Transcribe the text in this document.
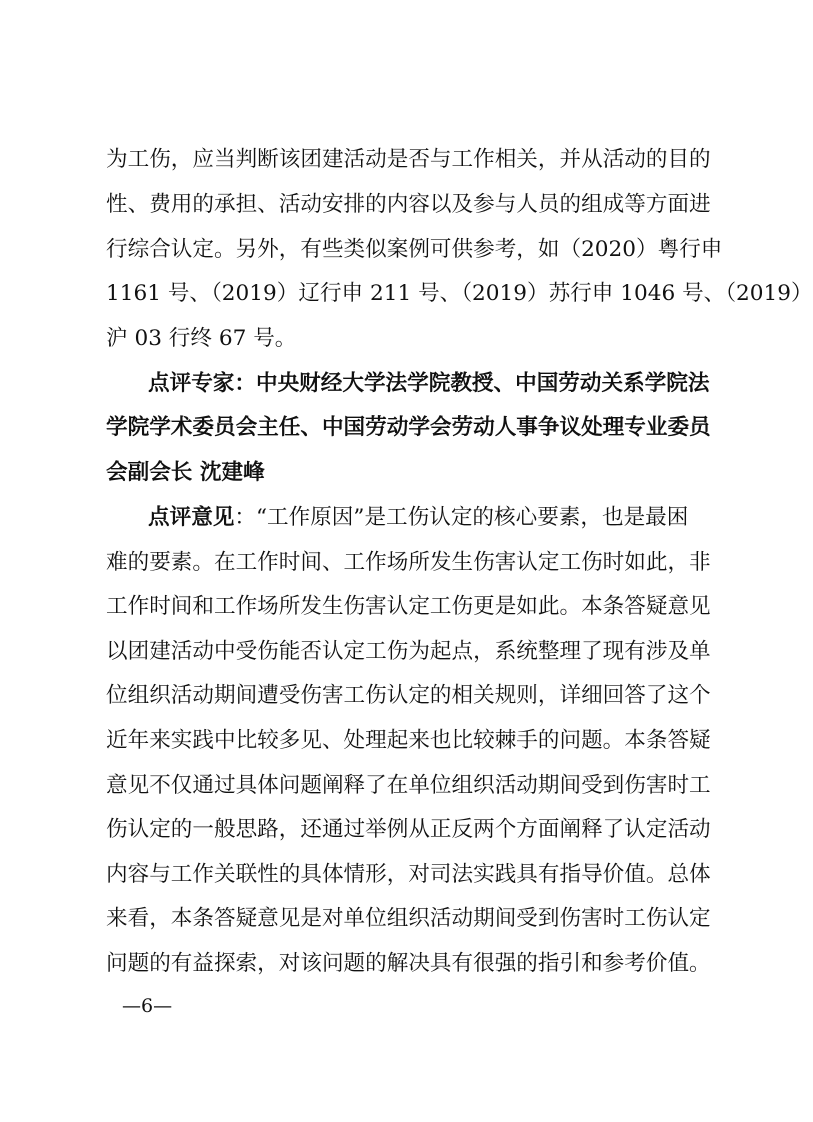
为工伤，应当判断该团建活动是否与工作相关，并从活动的目的
性、费用的承担、活动安排的内容以及参与人员的组成等方面进
行综合认定。另外，有些类似案例可供参考，如（2020）粤行申
1161 号、（2019）辽行申 211 号、（2019）苏行申 1046 号、（2019）
沪 03 行终 67 号。
点评专家：中央财经大学法学院教授、中国劳动关系学院法
学院学术委员会主任、中国劳动学会劳动人事争议处理专业委员
会副会长 沈建峰
点评意见：“工作原因”是工伤认定的核心要素，也是最困
难的要素。在工作时间、工作场所发生伤害认定工伤时如此，非
工作时间和工作场所发生伤害认定工伤更是如此。本条答疑意见
以团建活动中受伤能否认定工伤为起点，系统整理了现有涉及单
位组织活动期间遭受伤害工伤认定的相关规则，详细回答了这个
近年来实践中比较多见、处理起来也比较棘手的问题。本条答疑
意见不仅通过具体问题阐释了在单位组织活动期间受到伤害时工
伤认定的一般思路，还通过举例从正反两个方面阐释了认定活动
内容与工作关联性的具体情形，对司法实践具有指导价值。总体
来看，本条答疑意见是对单位组织活动期间受到伤害时工伤认定
问题的有益探索，对该问题的解决具有很强的指引和参考价值。
—6—
